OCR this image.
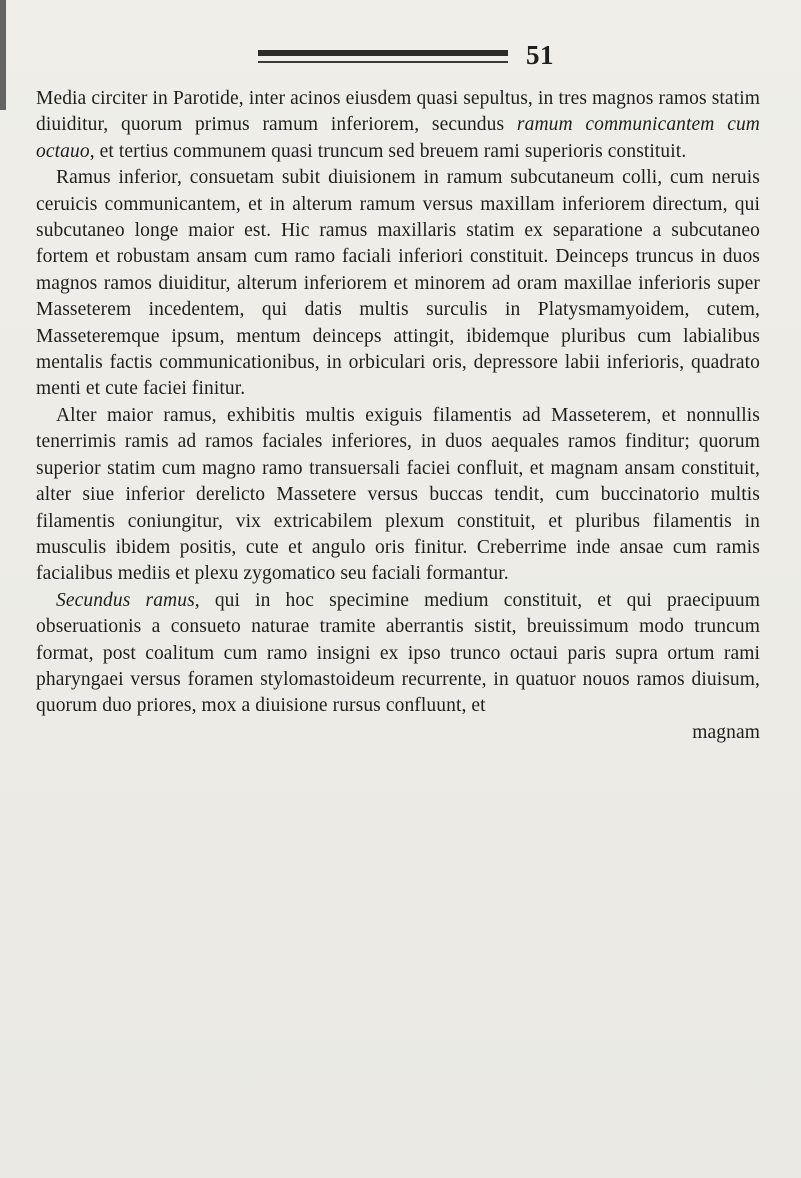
51

Media circiter in Parotide, inter acinos eiusdem quasi sepultus, in tres magnos ramos statim diuiditur, quorum primus ramum inferiorem, secundus ramum communicantem cum octauo, et tertius communem quasi truncum sed breuem rami superioris constituit.

Ramus inferior, consuetam subit diuisionem in ramum subcutaneum colli, cum neruis ceruicis communicantem, et in alterum ramum versus maxillam inferiorem directum, qui subcutaneo longe maior est. Hic ramus maxillaris statim ex separatione a subcutaneo fortem et robustam ansam cum ramo faciali inferiori constituit. Deinceps truncus in duos magnos ramos diuiditur, alterum inferiorem et minorem ad oram maxillae inferioris super Masseterem incedentem, qui datis multis surculis in Platysmamyoidem, cutem, Masseteremque ipsum, mentum deinceps attingit, ibidemque pluribus cum labialibus mentalis factis communicationibus, in orbiculari oris, depressore labii inferioris, quadrato menti et cute faciei finitur.

Alter maior ramus, exhibitis multis exiguis filamentis ad Masseterem, et nonnullis tenerrimis ramis ad ramos faciales inferiores, in duos aequales ramos finditur; quorum superior statim cum magno ramo transuersali faciei confluit, et magnam ansam constituit, alter siue inferior derelicto Massetere versus buccas tendit, cum buccinatorio multis filamentis coniungitur, vix extricabilem plexum constituit, et pluribus filamentis in musculis ibidem positis, cute et angulo oris finitur. Creberrime inde ansae cum ramis facialibus mediis et plexu zygomatico seu faciali formantur.

Secundus ramus, qui in hoc specimine medium constituit, et qui praecipuum obseruationis a consueto naturae tramite aberrantis sistit, breuissimum modo truncum format, post coalitum cum ramo insigni ex ipso trunco octaui paris supra ortum rami pharyngaei versus foramen stylomastoideum recurrente, in quatuor nouos ramos diuisum, quorum duo priores, mox a diuisione rursus confluunt, et

magnam
